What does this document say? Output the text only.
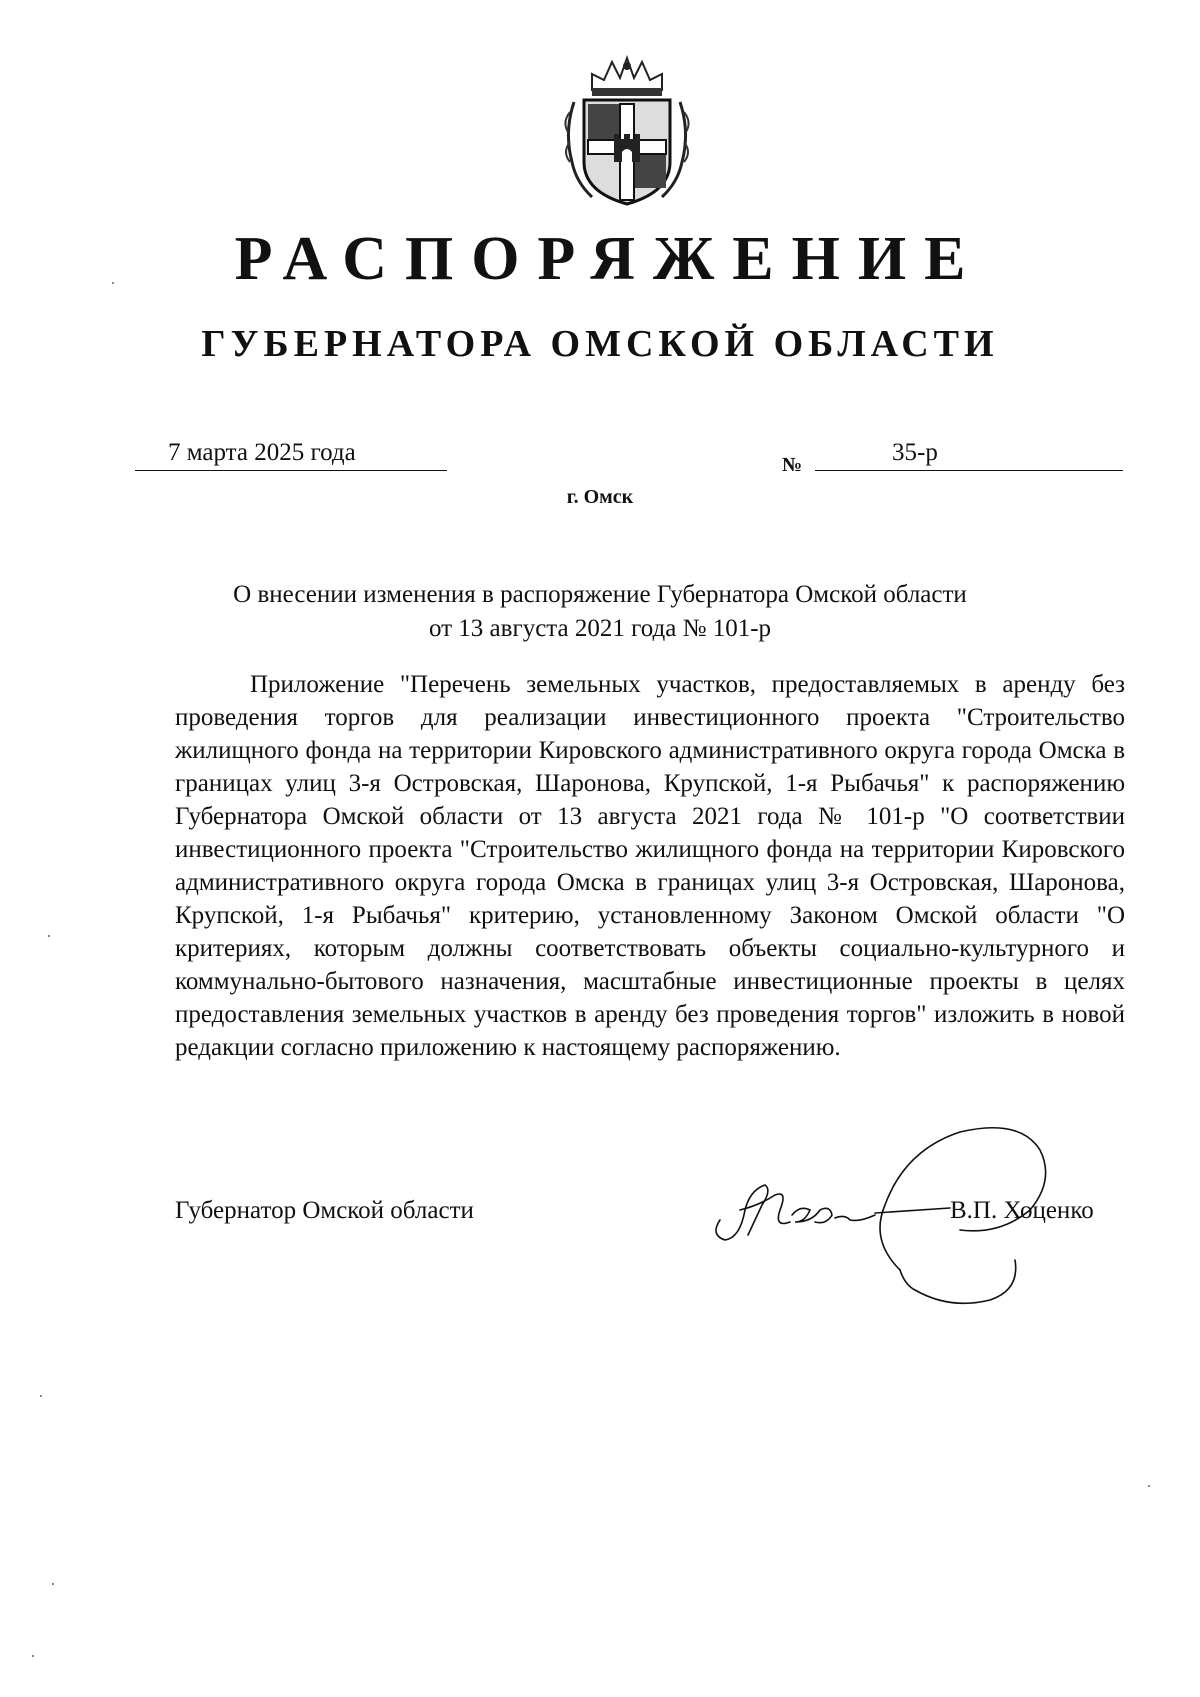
РАСПОРЯЖЕНИЕ
ГУБЕРНАТОРА ОМСКОЙ ОБЛАСТИ
7 марта 2025 года	№	35-р
г. Омск
О внесении изменения в распоряжение Губернатора Омской области
от 13 августа 2021 года № 101-р
Приложение "Перечень земельных участков, предоставляемых в аренду без проведения торгов для реализации инвестиционного проекта "Строительство жилищного фонда на территории Кировского административного округа города Омска в границах улиц 3-я Островская, Шаронова, Крупской, 1-я Рыбачья" к распоряжению Губернатора Омской области от 13 августа 2021 года № 101-р "О соответствии инвестиционного проекта "Строительство жилищного фонда на территории Кировского административного округа города Омска в границах улиц 3-я Островская, Шаронова, Крупской, 1-я Рыбачья" критерию, установленному Законом Омской области "О критериях, которым должны соответствовать объекты социально-культурного и коммунально-бытового назначения, масштабные инвестиционные проекты в целях предоставления земельных участков в аренду без проведения торгов" изложить в новой редакции согласно приложению к настоящему распоряжению.
Губернатор Омской области	В.П. Хоценко
